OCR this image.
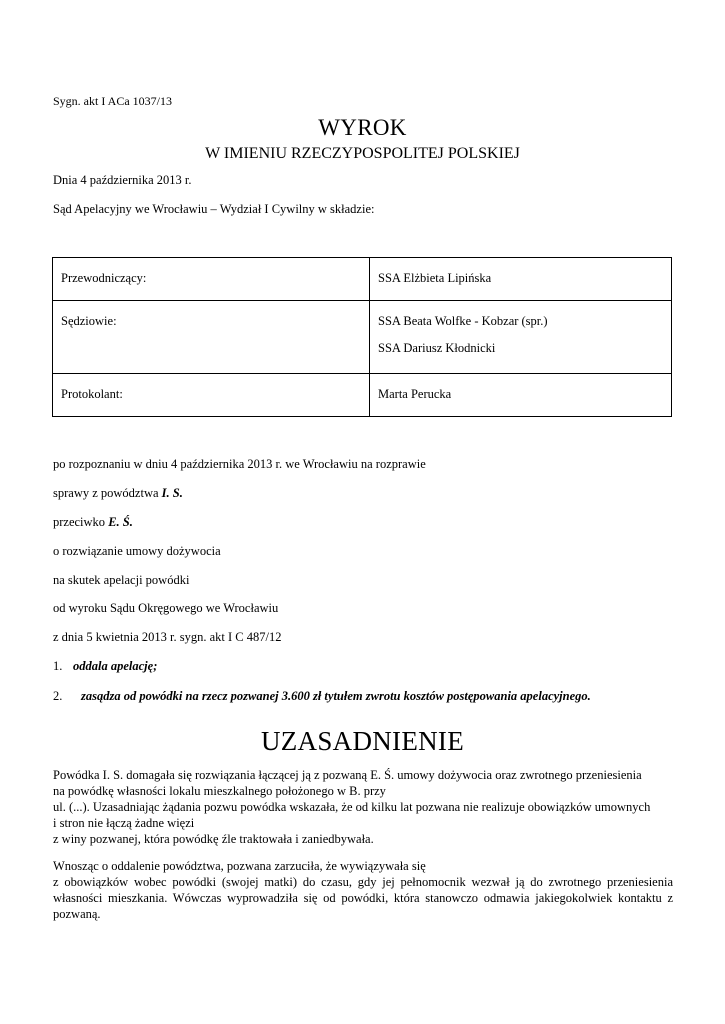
Sygn. akt I ACa 1037/13
WYROK
W IMIENIU RZECZYPOSPOLITEJ POLSKIEJ
Dnia 4 października 2013 r.
Sąd Apelacyjny we Wrocławiu – Wydział I Cywilny w składzie:
Przewodniczący:	SSA Elżbieta Lipińska

Sędziowie:	SSA Beata Wolfke - Kobzar (spr.)
SSA Dariusz Kłodnicki

Protokolant:	Marta Perucka
po rozpoznaniu w dniu 4 października 2013 r. we Wrocławiu na rozprawie
sprawy z powództwa I. S.
przeciwko E. Ś.
o rozwiązanie umowy dożywocia
na skutek apelacji powódki
od wyroku Sądu Okręgowego we Wrocławiu
z dnia 5 kwietnia 2013 r. sygn. akt I C 487/12
1. oddala apelację;
2. zasądza od powódki na rzecz pozwanej 3.600 zł tytułem zwrotu kosztów postępowania apelacyjnego.
UZASADNIENIE
Powódka I. S. domagała się rozwiązania łączącej ją z pozwaną E. Ś. umowy dożywocia oraz zwrotnego przeniesienia
na powódkę własności lokalu mieszkalnego położonego w B. przy
ul. (...). Uzasadniając żądania pozwu powódka wskazała, że od kilku lat pozwana nie realizuje obowiązków umownych
i stron nie łączą żadne więzi
z winy pozwanej, która powódkę źle traktowała i zaniedbywała.
Wnosząc o oddalenie powództwa, pozwana zarzuciła, że wywiązywała się
z obowiązków wobec powódki (swojej matki) do czasu, gdy jej pełnomocnik wezwał ją do zwrotnego przeniesienia
własności mieszkania. Wówczas wyprowadziła się od powódki, która stanowczo odmawia jakiegokolwiek kontaktu z
pozwaną.
